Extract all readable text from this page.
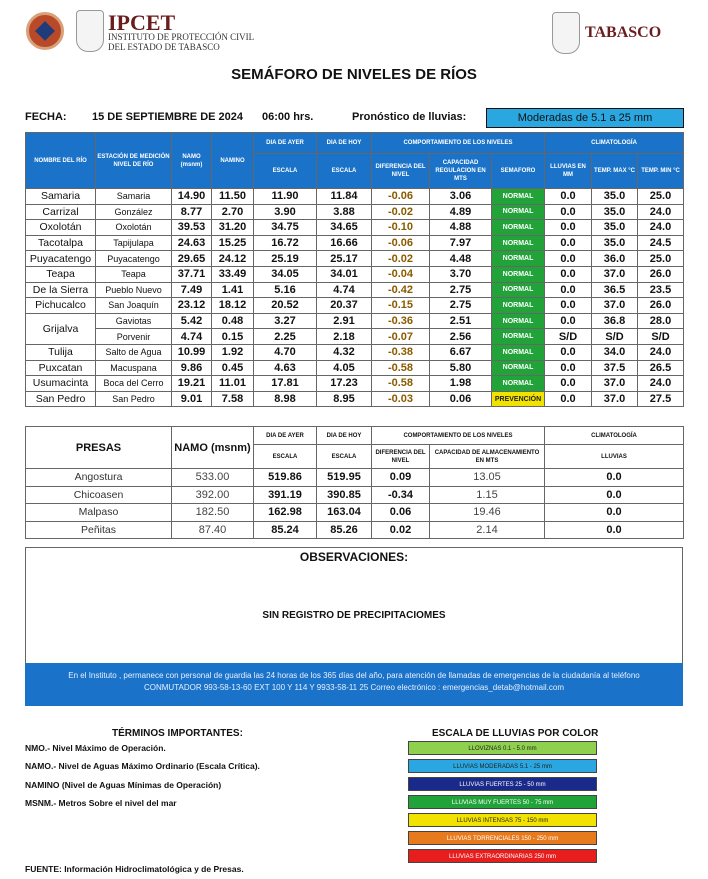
IPCET
INSTITUTO DE PROTECCIÓN CIVIL
DEL ESTADO DE TABASCO
TABASCO
SEMÁFORO DE NIVELES DE RÍOS
FECHA: 15 DE SEPTIEMBRE DE 2024 06:00 hrs.	Pronóstico de lluvias:	Moderadas de 5.1 a 25 mm
NOMBRE DEL RÍO	ESTACIÓN DE MEDICIÓN NIVEL DE RÍO	NAMO (msnm)	NAMINO	DIA DE AYER	DIA DE HOY	COMPORTAMIENTO DE LOS NIVELES			CLIMATOLOGÍA		
				ESCALA	ESCALA	DIFERENCIA DEL NIVEL	CAPACIDAD REGULACION EN MTS	SEMAFORO	LLUVIAS EN MM	TEMP. MAX °C	TEMP. MIN °C
Samaria	Samaria	14.90	11.50	11.90	11.84	-0.06	3.06	NORMAL	0.0	35.0	25.0
Carrizal	González	8.77	2.70	3.90	3.88	-0.02	4.89	NORMAL	0.0	35.0	24.0
Oxolotán	Oxolotán	39.53	31.20	34.75	34.65	-0.10	4.88	NORMAL	0.0	35.0	24.0
Tacotalpa	Tapijulapa	24.63	15.25	16.72	16.66	-0.06	7.97	NORMAL	0.0	35.0	24.5
Puyacatengo	Puyacatengo	29.65	24.12	25.19	25.17	-0.02	4.48	NORMAL	0.0	36.0	25.0
Teapa	Teapa	37.71	33.49	34.05	34.01	-0.04	3.70	NORMAL	0.0	37.0	26.0
De la Sierra	Pueblo Nuevo	7.49	1.41	5.16	4.74	-0.42	2.75	NORMAL	0.0	36.5	23.5
Pichucalco	San Joaquín	23.12	18.12	20.52	20.37	-0.15	2.75	NORMAL	0.0	37.0	26.0
Grijalva	Gaviotas	5.42	0.48	3.27	2.91	-0.36	2.51	NORMAL	0.0	36.8	28.0
	Porvenir	4.74	0.15	2.25	2.18	-0.07	2.56	NORMAL	S/D	S/D	S/D
Tulija	Salto de Agua	10.99	1.92	4.70	4.32	-0.38	6.67	NORMAL	0.0	34.0	24.0
Puxcatan	Macuspana	9.86	0.45	4.63	4.05	-0.58	5.80	NORMAL	0.0	37.5	26.5
Usumacinta	Boca del Cerro	19.21	11.01	17.81	17.23	-0.58	1.98	NORMAL	0.0	37.0	24.0
San Pedro	San Pedro	9.01	7.58	8.98	8.95	-0.03	0.06	PREVENCIÓN	0.0	37.0	27.5
PRESAS	NAMO (msnm)	DIA DE AYER	DIA DE HOY	COMPORTAMIENTO DE LOS NIVELES		CLIMATOLOGÍA
		ESCALA	ESCALA	DIFERENCIA DEL NIVEL	CAPACIDAD DE ALMACENAMIENTO EN MTS	LLUVIAS
Angostura	533.00	519.86	519.95	0.09	13.05	0.0
Chicoasen	392.00	391.19	390.85	-0.34	1.15	0.0
Malpaso	182.50	162.98	163.04	0.06	19.46	0.0
Peñitas	87.40	85.24	85.26	0.02	2.14	0.0
OBSERVACIONES:
SIN REGISTRO DE PRECIPITACIOMES
En el Instituto , permanece con personal de guardia las 24 horas de los 365 días del año, para atención de llamadas de emergencias de la ciudadanía al teléfono
CONMUTADOR 993-58-13-60 EXT 100 Y 114 Y 9933-58-11 25 Correo electrónico : emergencias_detab@hotmail.com
TÉRMINOS IMPORTANTES:
NMO.- Nivel Máximo de Operación.
NAMO.- Nivel de Aguas Máximo Ordinario (Escala Crítica).
NAMINO (Nivel de Aguas Mínimas de Operación)
MSNM.- Metros Sobre el nivel del mar
ESCALA DE LLUVIAS POR COLOR
LLOVIZNAS 0.1 - 5.0 mm
LLUVIAS MODERADAS 5.1 - 25 mm
LLUVIAS FUERTES 25 - 50 mm
LLUVIAS MUY FUERTES 50 - 75 mm
LLUVIAS INTENSAS 75 - 150 mm
LLUVIAS TORRENCIALES 150 - 250 mm
LLUVIAS EXTRAORDINARIAS 250 mm
FUENTE: Información Hidroclimatológica y de Presas.
